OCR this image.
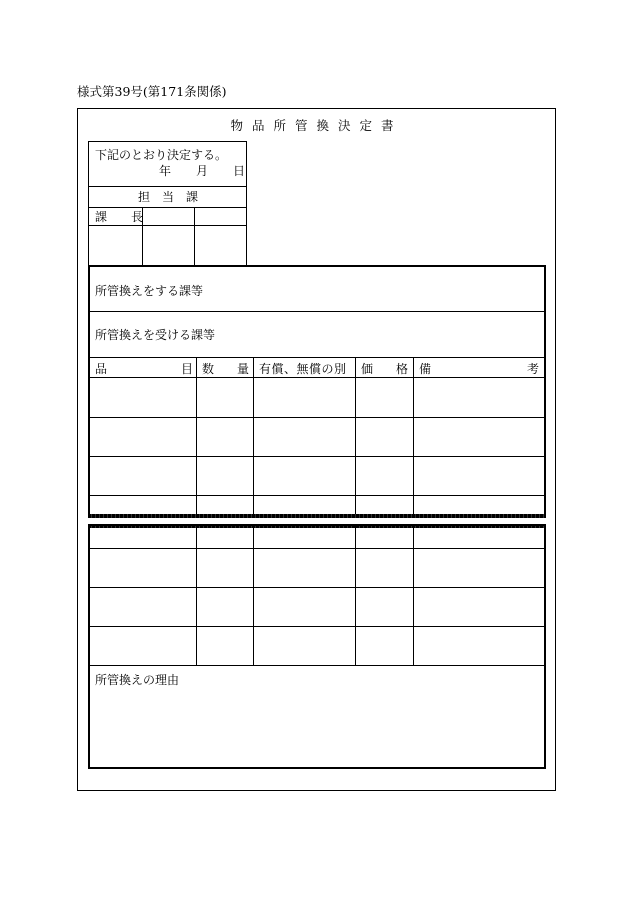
様式第39号(第171条関係)
物品所管換決定書
下記のとおり決定する。
年 月 日
担　当　課
課　　長
所管換えをする課等
所管換えを受ける課等
品	目 数 量 有償、無償の別 価 格 備	考
所管換えの理由
